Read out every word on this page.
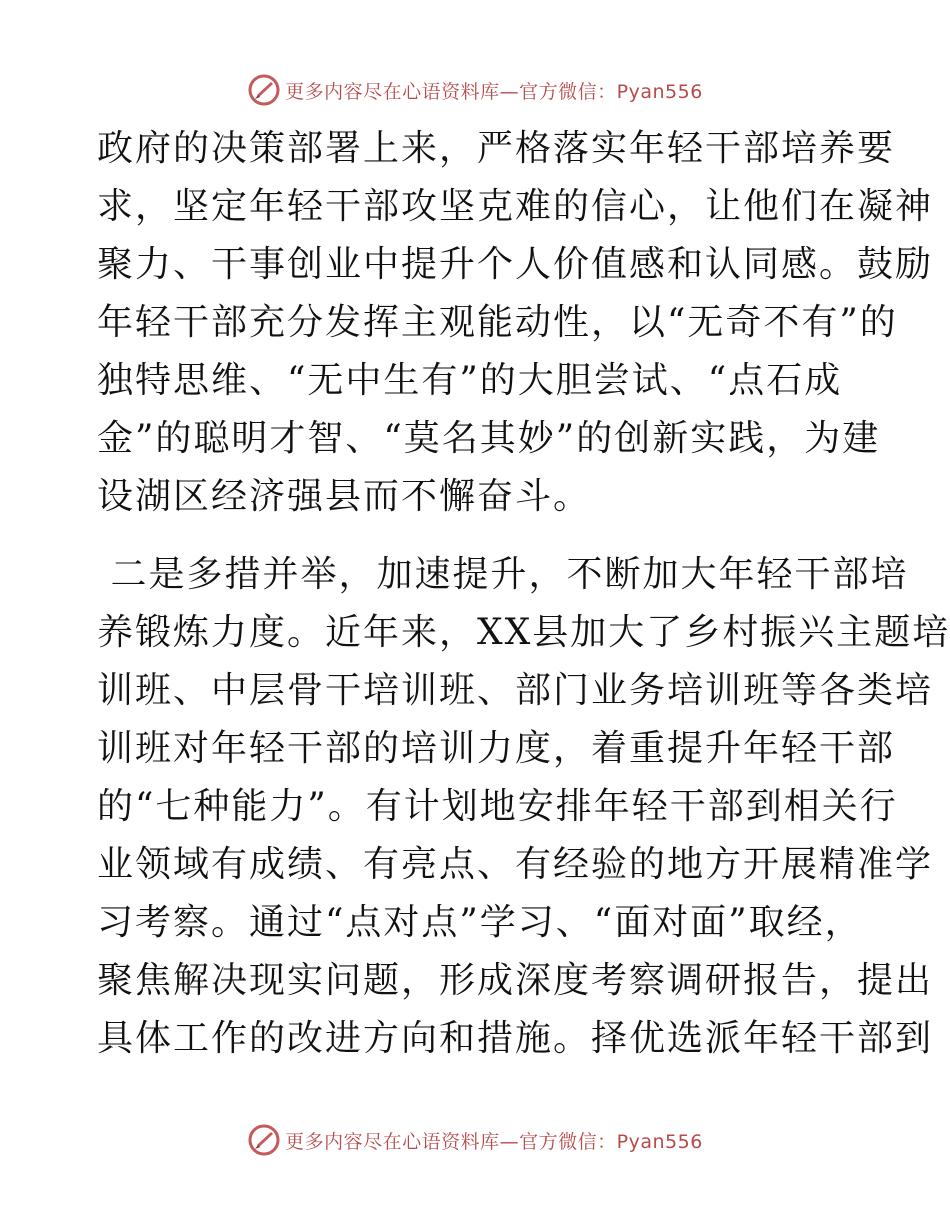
更多内容尽在心语资料库—官方微信：Pyan556
政府的决策部署上来，严格落实年轻干部培养要
求，坚定年轻干部攻坚克难的信心，让他们在凝神
聚力、干事创业中提升个人价值感和认同感。鼓励
年轻干部充分发挥主观能动性，以“无奇不有”的
独特思维、“无中生有”的大胆尝试、“点石成
金”的聪明才智、“莫名其妙”的创新实践，为建
设湖区经济强县而不懈奋斗。
二是多措并举，加速提升，不断加大年轻干部培
养锻炼力度。近年来，XX县加大了乡村振兴主题培
训班、中层骨干培训班、部门业务培训班等各类培
训班对年轻干部的培训力度，着重提升年轻干部
的“七种能力”。有计划地安排年轻干部到相关行
业领域有成绩、有亮点、有经验的地方开展精准学
习考察。通过“点对点”学习、“面对面”取经，
聚焦解决现实问题，形成深度考察调研报告，提出
具体工作的改进方向和措施。择优选派年轻干部到
更多内容尽在心语资料库—官方微信：Pyan556
